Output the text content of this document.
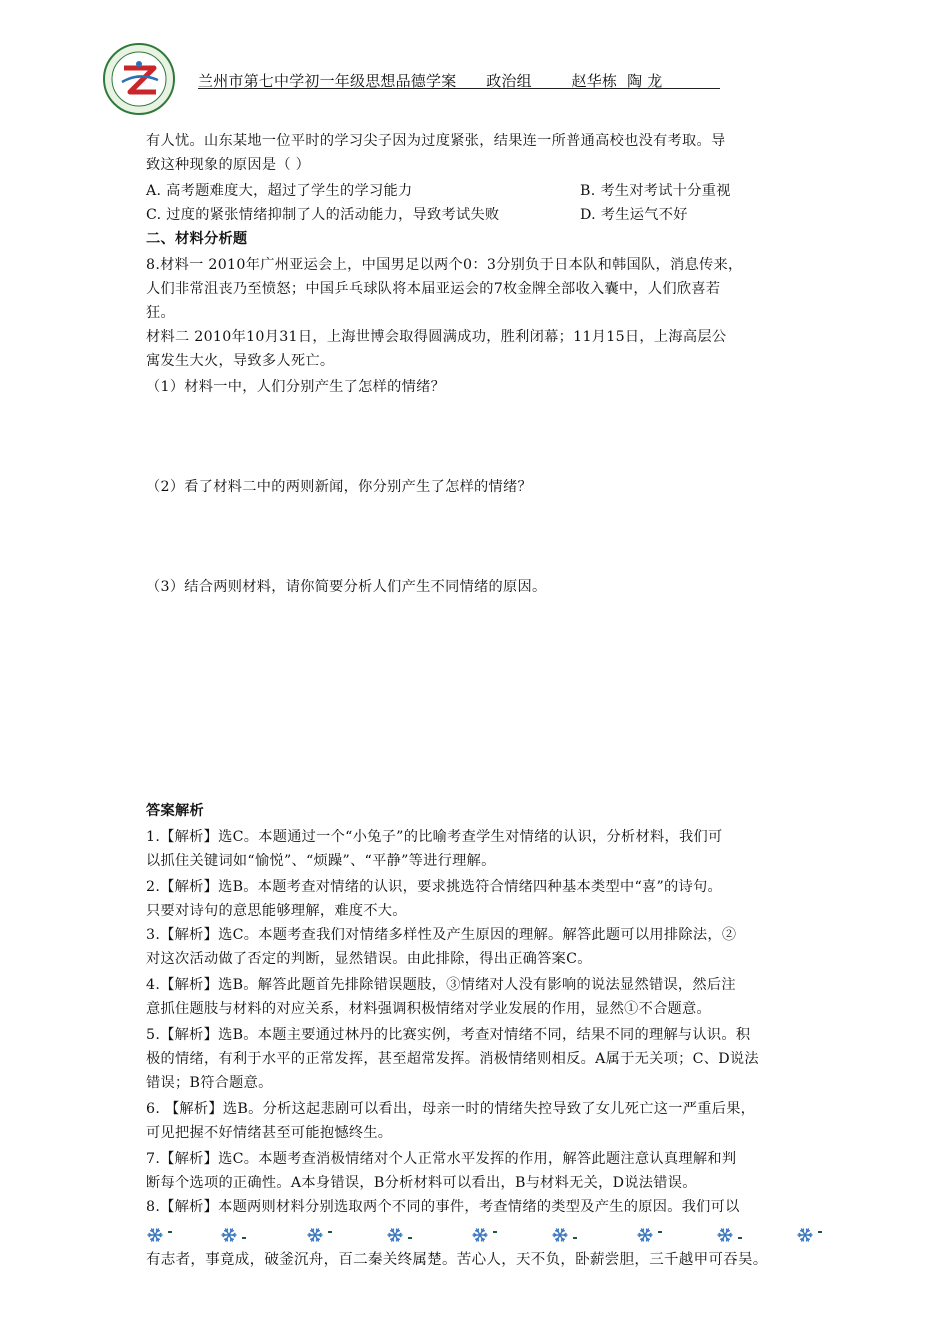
兰州市第七中学初一年级思想品德学案      政治组        赵华栋  陶 龙
有人忧。山东某地一位平时的学习尖子因为过度紧张，结果连一所普通高校也没有考取。导
致这种现象的原因是（ ）
A. 高考题难度大，超过了学生的学习能力	B. 考生对考试十分重视
C. 过度的紧张情绪抑制了人的活动能力，导致考试失败	D. 考生运气不好
二、材料分析题
8.材料一 2010年广州亚运会上，中国男足以两个0：3分别负于日本队和韩国队，消息传来，
人们非常沮丧乃至愤怒；中国乒乓球队将本届亚运会的7枚金牌全部收入囊中，人们欣喜若
狂。
材料二 2010年10月31日，上海世博会取得圆满成功，胜利闭幕；11月15日，上海高层公
寓发生大火，导致多人死亡。
（1）材料一中，人们分别产生了怎样的情绪？
（2）看了材料二中的两则新闻，你分别产生了怎样的情绪？
（3）结合两则材料，请你简要分析人们产生不同情绪的原因。
答案解析
1.【解析】选C。本题通过一个“小兔子”的比喻考查学生对情绪的认识，分析材料，我们可
以抓住关键词如“愉悦”、“烦躁”、“平静”等进行理解。
2.【解析】选B。本题考查对情绪的认识，要求挑选符合情绪四种基本类型中“喜”的诗句。
只要对诗句的意思能够理解，难度不大。
3.【解析】选C。本题考查我们对情绪多样性及产生原因的理解。解答此题可以用排除法，②
对这次活动做了否定的判断，显然错误。由此排除，得出正确答案C。
4.【解析】选B。解答此题首先排除错误题肢，③情绪对人没有影响的说法显然错误，然后注
意抓住题肢与材料的对应关系，材料强调积极情绪对学业发展的作用，显然①不合题意。
5.【解析】选B。本题主要通过林丹的比赛实例，考查对情绪不同，结果不同的理解与认识。积
极的情绪，有利于水平的正常发挥，甚至超常发挥。消极情绪则相反。A属于无关项；C、D说法
错误；B符合题意。
6. 【解析】选B。分析这起悲剧可以看出，母亲一时的情绪失控导致了女儿死亡这一严重后果，
可见把握不好情绪甚至可能抱憾终生。
7.【解析】选C。本题考查消极情绪对个人正常水平发挥的作用，解答此题注意认真理解和判
断每个选项的正确性。A本身错误，B分析材料可以看出，B与材料无关，D说法错误。
8.【解析】本题两则材料分别选取两个不同的事件，考查情绪的类型及产生的原因。我们可以
有志者，事竟成，破釜沉舟，百二秦关终属楚。苦心人，天不负，卧薪尝胆，三千越甲可吞吴。
